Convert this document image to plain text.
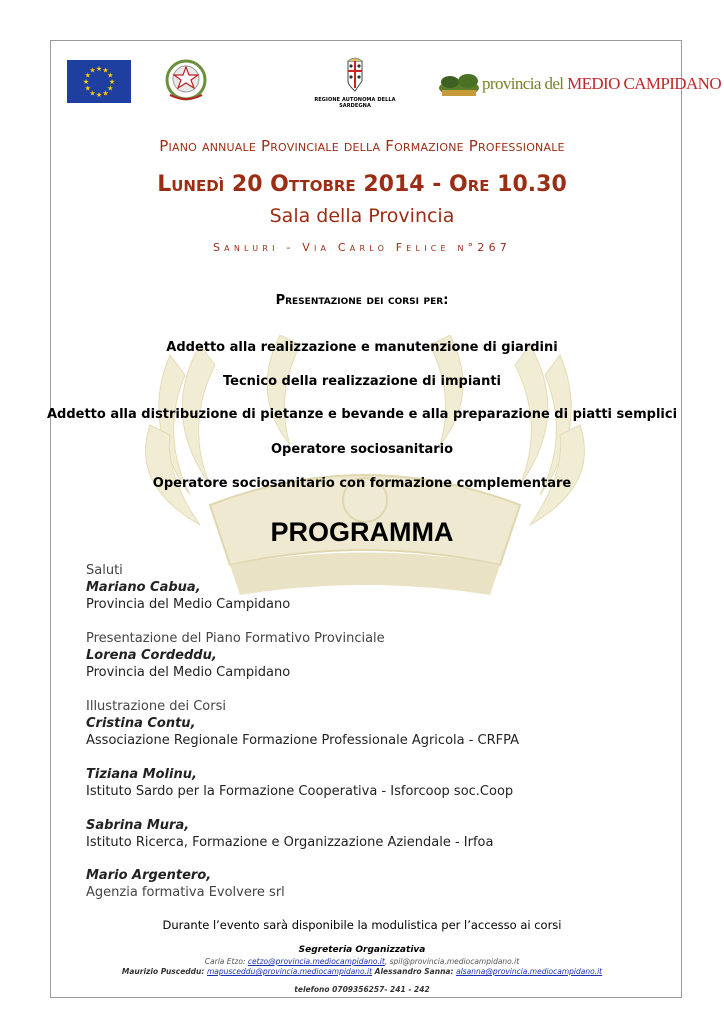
★ ★
★
★
★
★
★
★
★
★
★
★
REGIONE AUTONOMA DELLA SARDEGNA
provincia del MEDIO CAMPIDANO
Piano annuale Provinciale della Formazione Professionale
Lunedì 20 Ottobre 2014 - Ore 10.30
Sala della Provincia
Sanluri - Via Carlo Felice n°267
Presentazione dei corsi per:
Addetto alla realizzazione e manutenzione di giardini
Tecnico della realizzazione di impianti
Addetto alla distribuzione di pietanze e bevande e alla preparazione di piatti semplici
Operatore sociosanitario
Operatore sociosanitario con formazione complementare
PROGRAMMA
Saluti
Mariano Cabua,
Provincia del Medio Campidano
Presentazione del Piano Formativo Provinciale
Lorena Cordeddu,
Provincia del Medio Campidano
Illustrazione dei Corsi
Cristina Contu,
Associazione Regionale Formazione Professionale Agricola - CRFPA
Tiziana Molinu,
Istituto Sardo per la Formazione Cooperativa - Isforcoop soc.Coop
Sabrina Mura,
Istituto Ricerca, Formazione e Organizzazione Aziendale - Irfoa
Mario Argentero,
Agenzia formativa Evolvere srl
Durante l’evento sarà disponibile la modulistica per l’accesso ai corsi
Segreteria Organizzativa
Carla Etzo: cetzo@provincia.mediocampidano.it, spil@provincia.mediocampidano.it
Maurizio Pusceddu: mapusceddu@provincia.mediocampidano.it Alessandro Sanna: alsanna@provincia.mediocampidano.it
telefono 0709356257- 241 - 242
